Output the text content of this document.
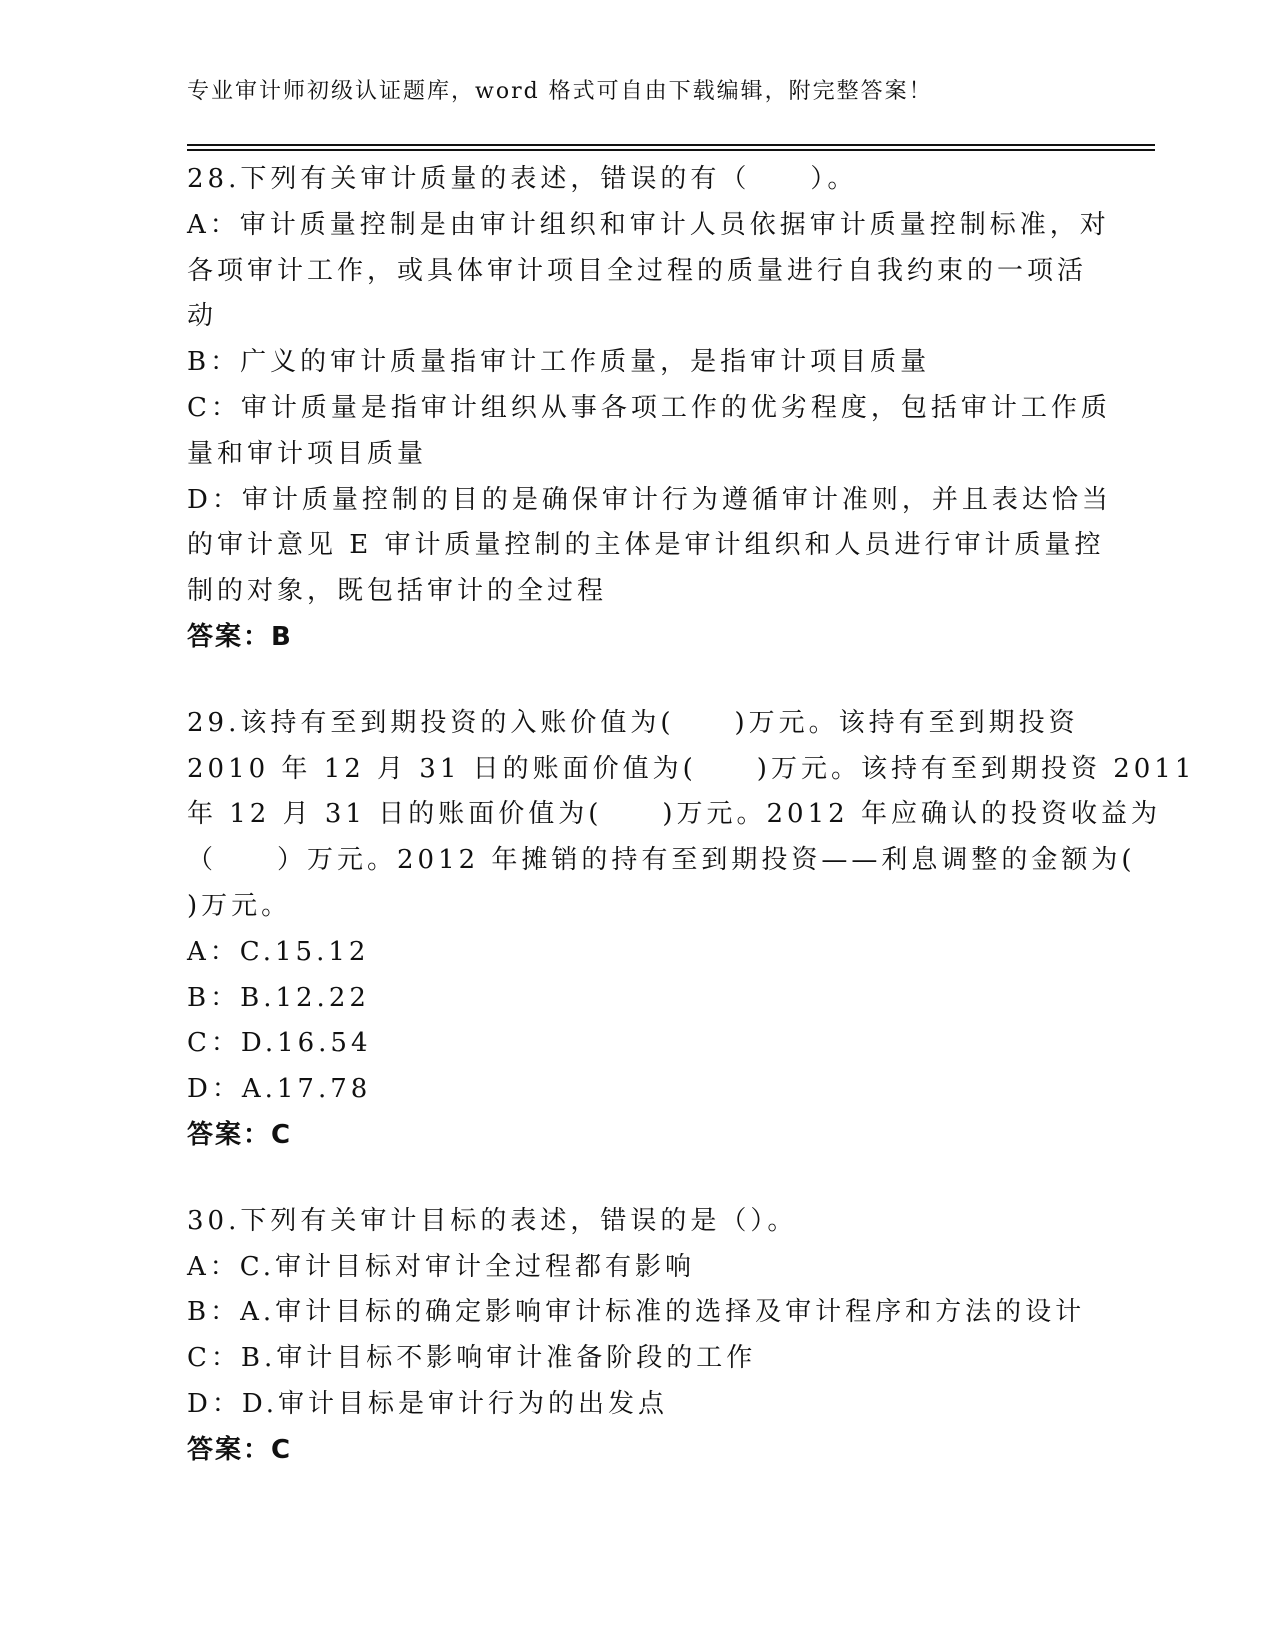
专业审计师初级认证题库，word 格式可自由下载编辑，附完整答案！
28.下列有关审计质量的表述，错误的有（　　）。
A：审计质量控制是由审计组织和审计人员依据审计质量控制标准，对
各项审计工作，或具体审计项目全过程的质量进行自我约束的一项活
动
B：广义的审计质量指审计工作质量，是指审计项目质量
C：审计质量是指审计组织从事各项工作的优劣程度，包括审计工作质
量和审计项目质量
D：审计质量控制的目的是确保审计行为遵循审计准则，并且表达恰当
的审计意见 E 审计质量控制的主体是审计组织和人员进行审计质量控
制的对象，既包括审计的全过程
答案：B
29.该持有至到期投资的入账价值为(　　)万元。该持有至到期投资
2010 年 12 月 31 日的账面价值为(　　)万元。该持有至到期投资 2011
年 12 月 31 日的账面价值为(　　)万元。2012 年应确认的投资收益为
（　　）万元。2012 年摊销的持有至到期投资——利息调整的金额为(
)万元。
A：C.15.12
B：B.12.22
C：D.16.54
D：A.17.78
答案：C
30.下列有关审计目标的表述，错误的是（）。
A：C.审计目标对审计全过程都有影响
B：A.审计目标的确定影响审计标准的选择及审计程序和方法的设计
C：B.审计目标不影响审计准备阶段的工作
D：D.审计目标是审计行为的出发点
答案：C
